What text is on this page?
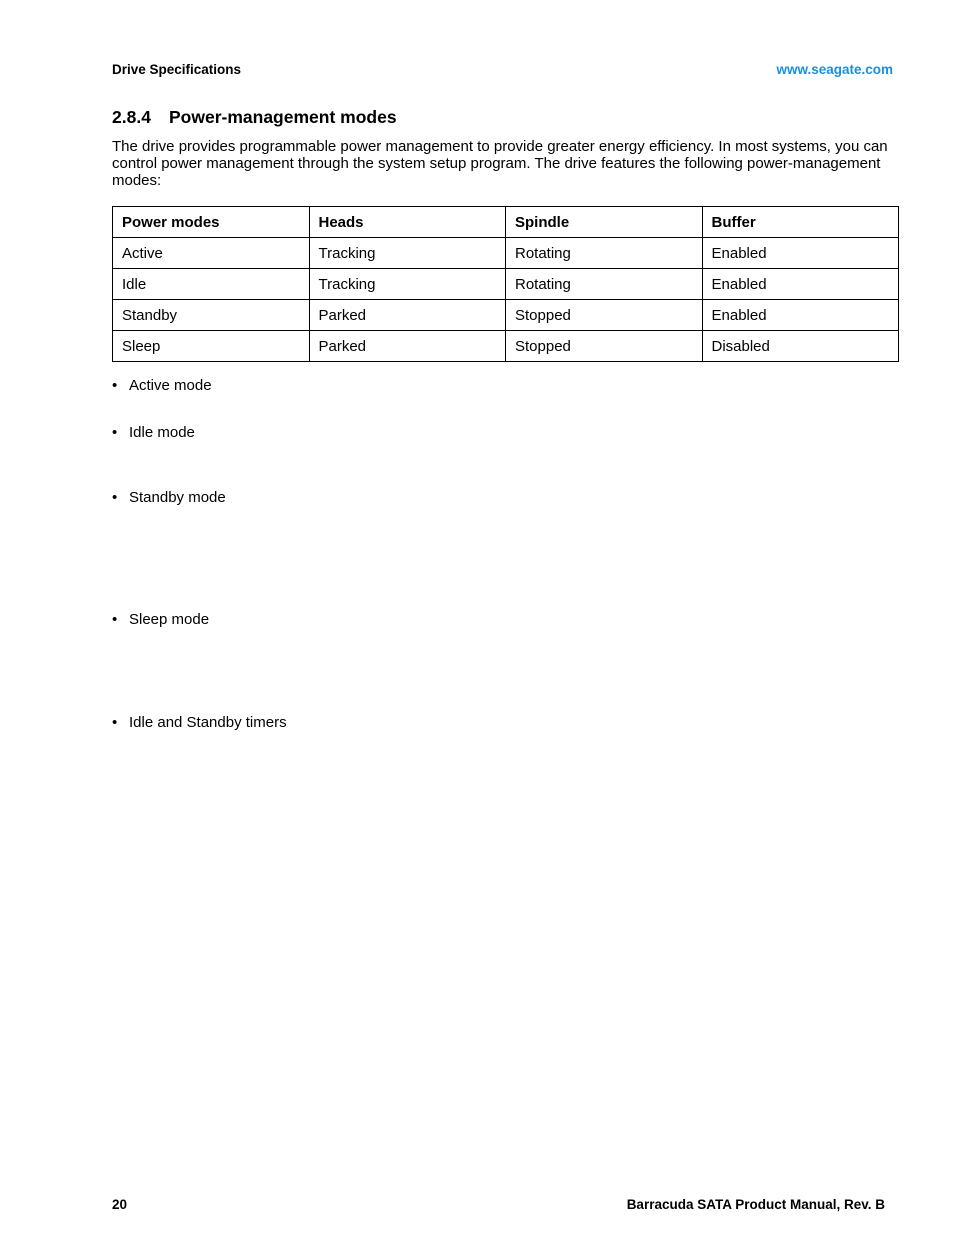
Drive Specifications	www.seagate.com
2.8.4 Power-management modes

The drive provides programmable power management to provide greater energy efficiency. In most systems, you can control power management through the system setup program. The drive features the following power-management modes:

Power modes	Heads	Spindle	Buffer
Active	Tracking	Rotating	Enabled
Idle	Tracking	Rotating	Enabled
Standby	Parked	Stopped	Enabled
Sleep	Parked	Stopped	Disabled

• Active mode

• Idle mode

• Standby mode

• Sleep mode

• Idle and Standby timers

20	Barracuda SATA Product Manual, Rev. B
